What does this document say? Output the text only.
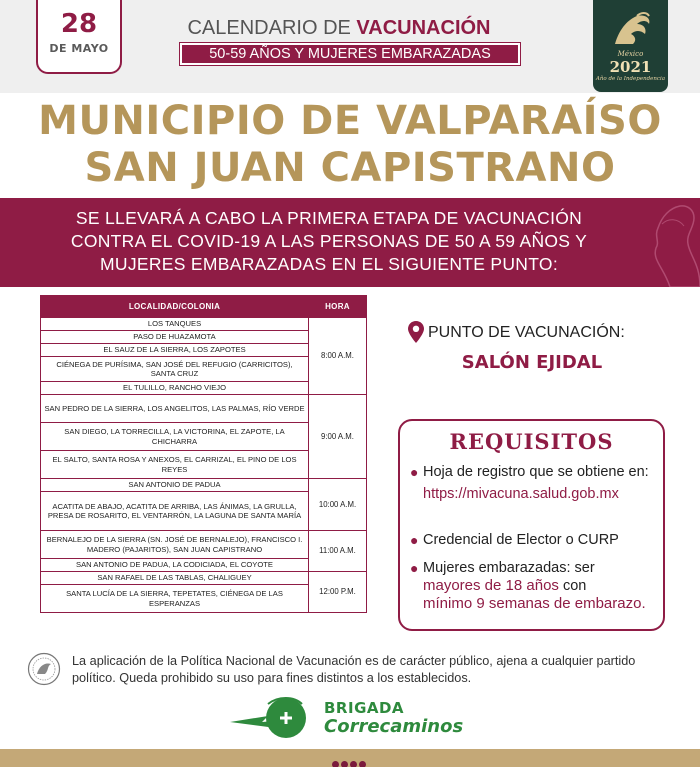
28
DE MAYO
CALENDARIO DE VACUNACIÓN
50-59 AÑOS Y MUJERES EMBARAZADAS	México
2021
Año de la Independencia
MUNICIPIO DE VALPARAÍSO
SAN JUAN CAPISTRANO
SE LLEVARÁ A CABO LA PRIMERA ETAPA DE VACUNACIÓN
CONTRA EL COVID-19 A LAS PERSONAS DE 50 A 59 AÑOS Y
MUJERES EMBARAZADAS EN EL SIGUIENTE PUNTO:
LOCALIDAD/COLONIA	HORA
LOS TANQUES	8:00 A.M.
PASO DE HUAZAMOTA	
EL SAUZ DE LA SIERRA, LOS ZAPOTES	
CIÉNEGA DE PURÍSIMA, SAN JOSÉ DEL REFUGIO (CARRICITOS), SANTA CRUZ	
EL TULILLO, RANCHO VIEJO	
SAN PEDRO DE LA SIERRA, LOS ANGELITOS, LAS PALMAS, RÍO VERDE	9:00 A.M.
SAN DIEGO, LA TORRECILLA, LA VICTORINA, EL ZAPOTE, LA CHICHARRA	
EL SALTO, SANTA ROSA Y ANEXOS, EL CARRIZAL, EL PINO DE LOS REYES	
SAN ANTONIO DE PADUA	10:00 A.M.
ACATITA DE ABAJO, ACATITA DE ARRIBA, LAS ÁNIMAS, LA GRULLA, PRESA DE ROSARITO, EL VENTARRÓN, LA LAGUNA DE SANTA MARÍA	
BERNALEJO DE LA SIERRA (SN. JOSÉ DE BERNALEJO), FRANCISCO I. MADERO (PAJARITOS), SAN JUAN CAPISTRANO	11:00 A.M.
SAN ANTONIO DE PADUA, LA CODICIADA, EL COYOTE	
SAN RAFAEL DE LAS TABLAS, CHALIGUEY	12:00 P.M.
SANTA LUCÍA DE LA SIERRA, TEPETATES, CIÉNEGA DE LAS ESPERANZAS	
PUNTO DE VACUNACIÓN:
SALÓN EJIDAL
REQUISITOS
● Hoja de registro que se obtiene en:
https://mivacuna.salud.gob.mx
● Credencial de Elector o CURP
● Mujeres embarazadas: ser
mayores de 18 años con
mínimo 9 semanas de embarazo.
La aplicación de la Política Nacional de Vacunación es de carácter público, ajena a cualquier partido político. Queda prohibido su uso para fines distintos a los establecidos.
BRIGADA
Correcaminos
